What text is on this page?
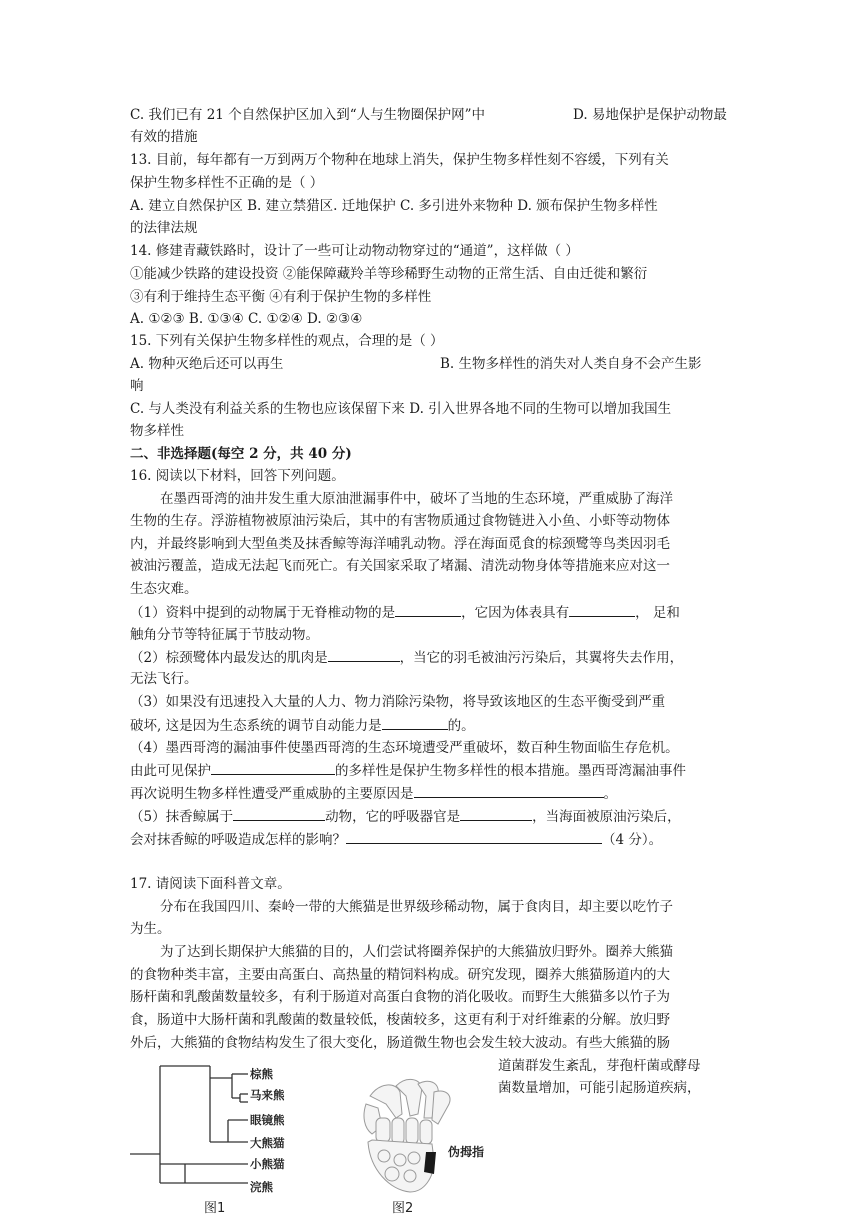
C. 我们已有 21 个自然保护区加入到“人与生物圈保护网”中	D. 易地保护是保护动物最
有效的措施
13. 目前，每年都有一万到两万个物种在地球上消失，保护生物多样性刻不容缓，下列有关
保护生物多样性不正确的是（ ）
A. 建立自然保护区 B. 建立禁猎区. 迁地保护 C. 多引进外来物种 D. 颁布保护生物多样性
的法律法规
14. 修建青藏铁路时，设计了一些可让动物动物穿过的“通道”，这样做（ ）
①能减少铁路的建设投资 ②能保障藏羚羊等珍稀野生动物的正常生活、自由迁徙和繁衍
③有利于维持生态平衡 ④有利于保护生物的多样性
A. ①②③ B. ①③④ C. ①②④ D. ②③④
15. 下列有关保护生物多样性的观点，合理的是（ ）
A. 物种灭绝后还可以再生	B. 生物多样性的消失对人类自身不会产生影
响
C. 与人类没有利益关系的生物也应该保留下来 D. 引入世界各地不同的生物可以增加我国生
物多样性
二、非选择题(每空 2 分，共 40 分)
16. 阅读以下材料，回答下列问题。
在墨西哥湾的油井发生重大原油泄漏事件中，破坏了当地的生态环境，严重威胁了海洋
生物的生存。浮游植物被原油污染后，其中的有害物质通过食物链进入小鱼、小虾等动物体
内，并最终影响到大型鱼类及抹香鲸等海洋哺乳动物。浮在海面觅食的棕颈鹭等鸟类因羽毛
被油污覆盖，造成无法起飞而死亡。有关国家采取了堵漏、清洗动物身体等措施来应对这一
生态灾难。
（1）资料中提到的动物属于无脊椎动物的是	，它因为体表具有	， 足和
触角分节等特征属于节肢动物。
（2）棕颈鹭体内最发达的肌肉是	，当它的羽毛被油污污染后，其翼将失去作用，
无法飞行。
（3）如果没有迅速投入大量的人力、物力消除污染物，将导致该地区的生态平衡受到严重
破坏, 这是因为生态系统的调节自动能力是	的。
（4）墨西哥湾的漏油事件使墨西哥湾的生态环境遭受严重破坏，数百种生物面临生存危机。
由此可见保护	的多样性是保护生物多样性的根本措施。墨西哥湾漏油事件
再次说明生物多样性遭受严重威胁的主要原因是	。
（5）抹香鲸属于	动物，它的呼吸器官是	，当海面被原油污染后，
会对抹香鲸的呼吸造成怎样的影响？	（4 分）。
17. 请阅读下面科普文章。
分布在我国四川、秦岭一带的大熊猫是世界级珍稀动物，属于食肉目，却主要以吃竹子
为生。
为了达到长期保护大熊猫的目的，人们尝试将圈养保护的大熊猫放归野外。圈养大熊猫
的食物种类丰富，主要由高蛋白、高热量的精饲料构成。研究发现，圈养大熊猫肠道内的大
肠杆菌和乳酸菌数量较多，有利于肠道对高蛋白食物的消化吸收。而野生大熊猫多以竹子为
食，肠道中大肠杆菌和乳酸菌的数量较低，梭菌较多，这更有利于对纤维素的分解。放归野
外后，大熊猫的食物结构发生了很大变化，肠道微生物也会发生较大波动。有些大熊猫的肠
道菌群发生紊乱，芽孢杆菌或酵母
菌数量增加，可能引起肠道疾病，
棕熊
马来熊
眼镜熊
大熊猫
小熊猫
浣熊
图1
伪拇指
图2
